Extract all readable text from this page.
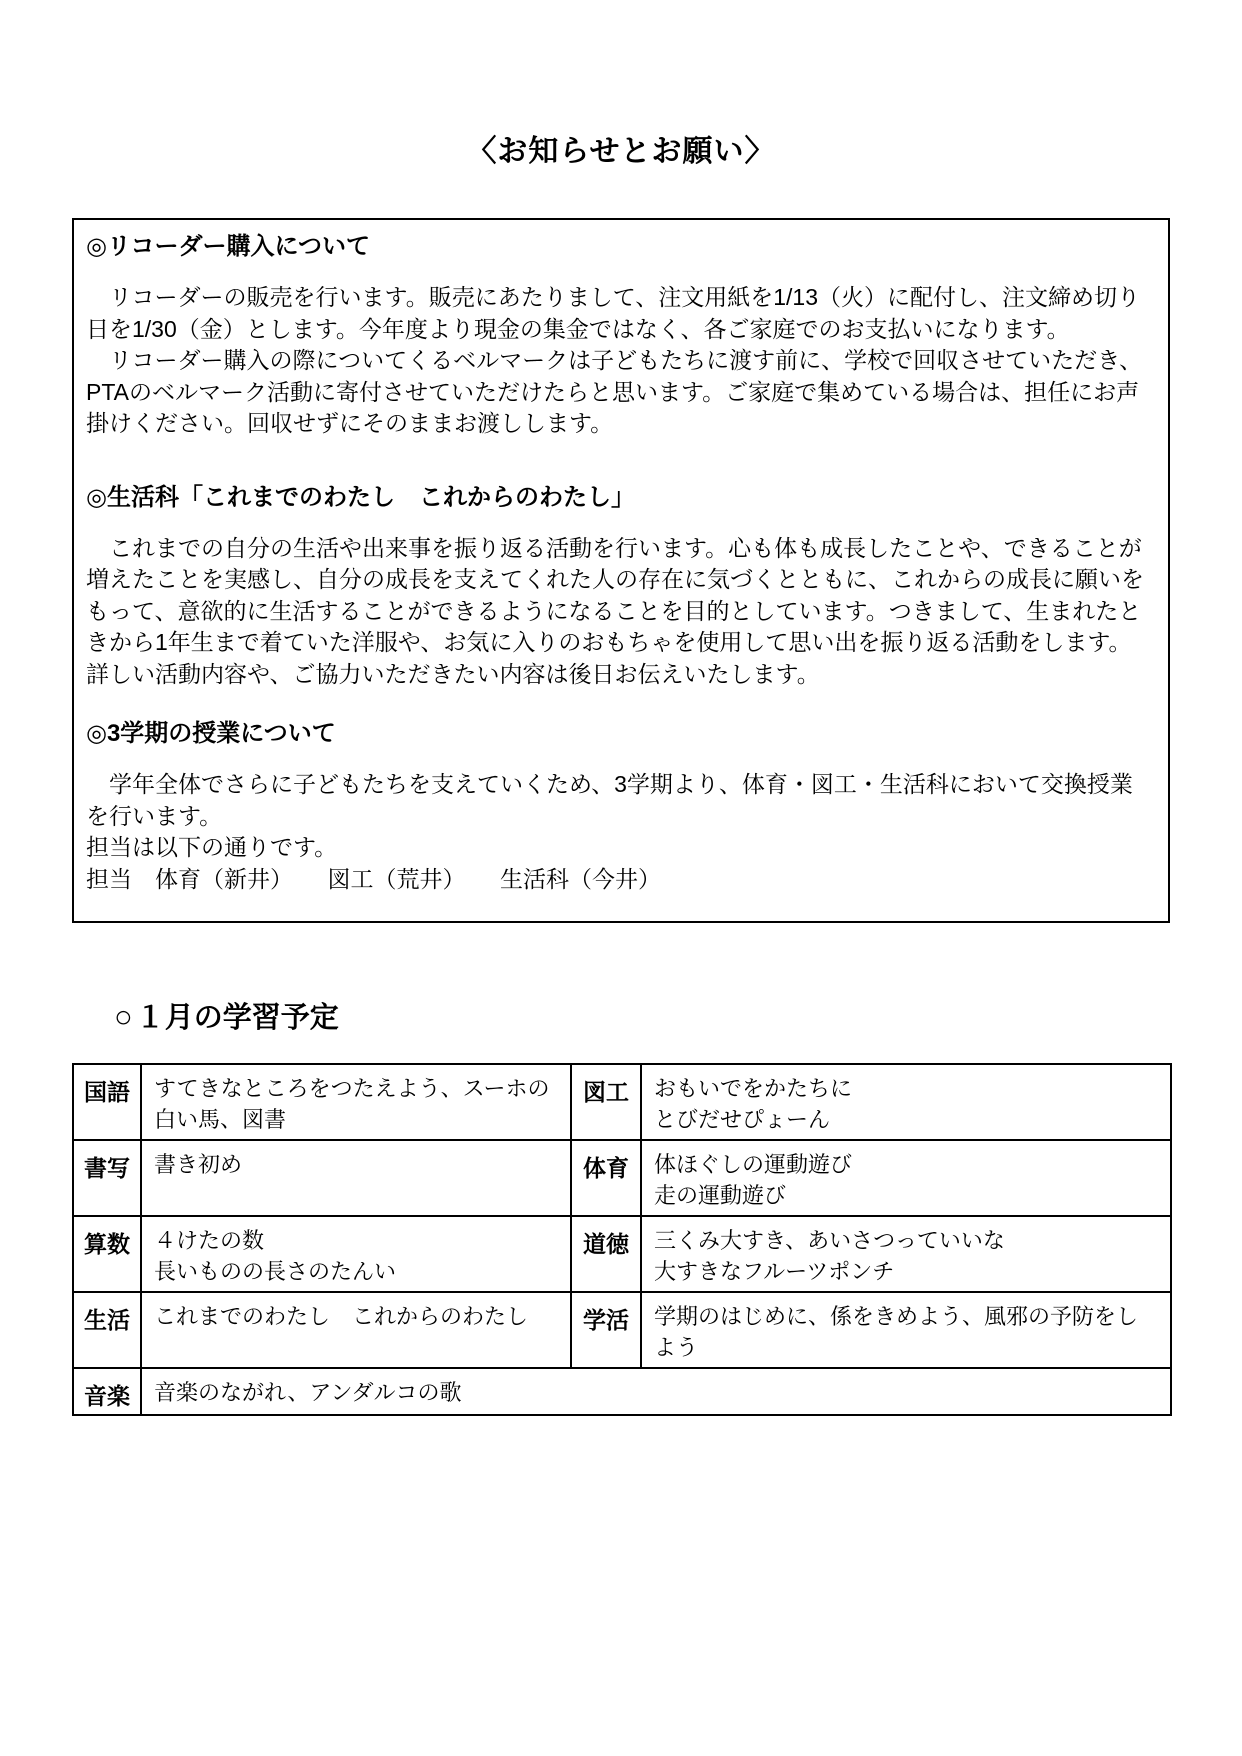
〈お知らせとお願い〉
◎リコーダー購入について

　リコーダーの販売を行います。販売にあたりまして、注文用紙を1/13（火）に配付し、注文締め切り日を1/30（金）とします。今年度より現金の集金ではなく、各ご家庭でのお支払いになります。

　リコーダー購入の際についてくるベルマークは子どもたちに渡す前に、学校で回収させていただき、PTAのベルマーク活動に寄付させていただけたらと思います。ご家庭で集めている場合は、担任にお声掛けください。回収せずにそのままお渡しします。

◎生活科「これまでのわたし　これからのわたし」

　これまでの自分の生活や出来事を振り返る活動を行います。心も体も成長したことや、できることが増えたことを実感し、自分の成長を支えてくれた人の存在に気づくとともに、これからの成長に願いをもって、意欲的に生活することができるようになることを目的としています。つきまして、生まれたときから1年生まで着ていた洋服や、お気に入りのおもちゃを使用して思い出を振り返る活動をします。詳しい活動内容や、ご協力いただきたい内容は後日お伝えいたします。

◎3学期の授業について

　学年全体でさらに子どもたちを支えていくため、3学期より、体育・図工・生活科において交換授業を行います。

担当は以下の通りです。

担当　体育（新井）　　図工（荒井）　　生活科（今井）

○ １月の学習予定
国語	すてきなところをつたえよう、スーホの白い馬、図書	図工	おもいでをかたちに
とびだせぴょーん
書写	書き初め	体育	体ほぐしの運動遊び
走の運動遊び
算数	４けたの数
長いものの長さのたんい	道徳	三くみ大すき、あいさつっていいな
大すきなフルーツポンチ
生活	これまでのわたし　これからのわたし	学活	学期のはじめに、係をきめよう、風邪の予防をしよう
音楽	音楽のながれ、アンダルコの歌		
